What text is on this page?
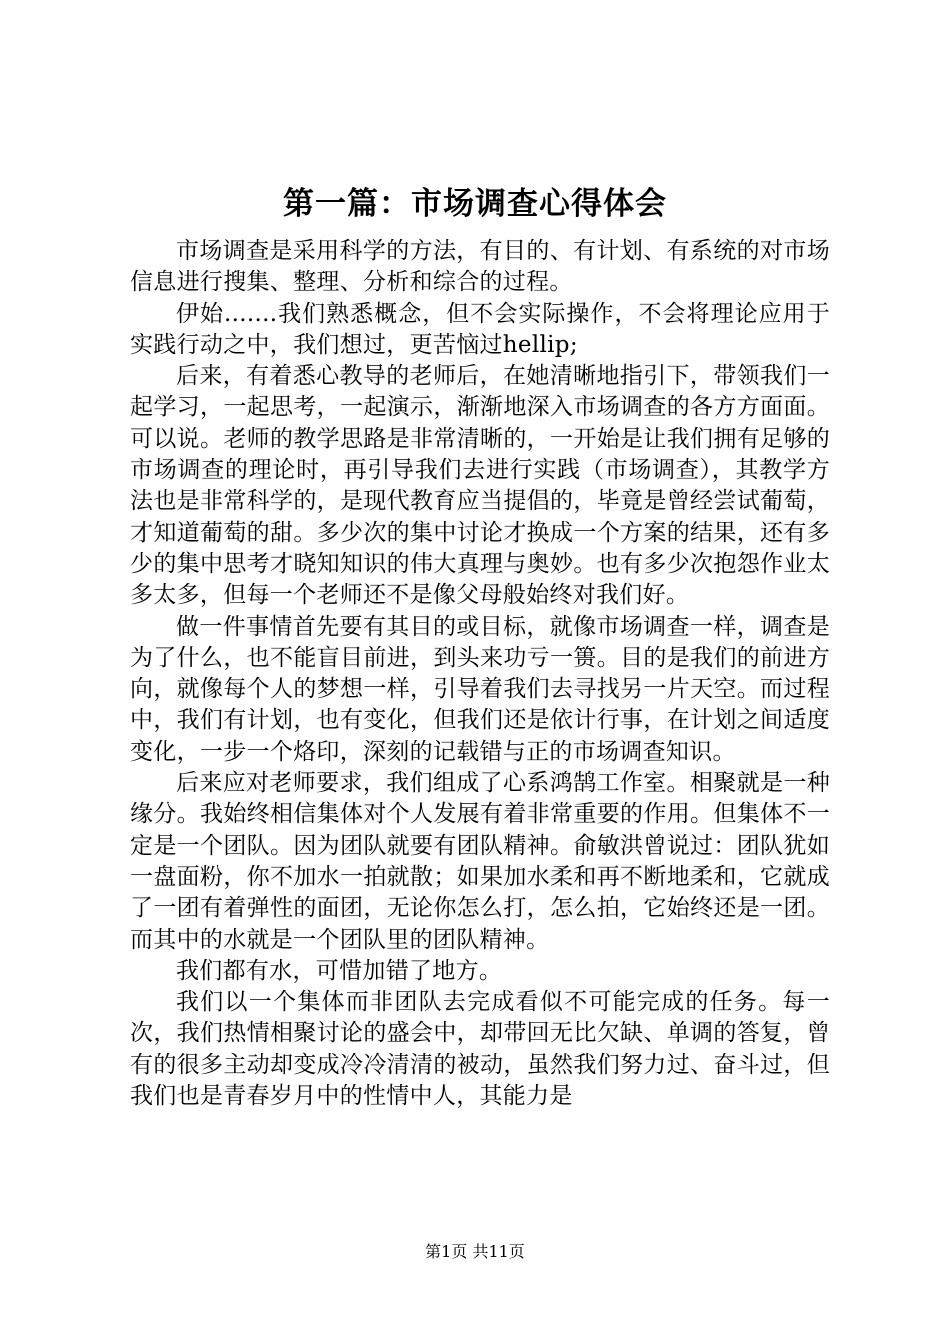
第一篇：市场调查心得体会

市场调查是采用科学的方法，有目的、有计划、有系统的对市场信息进行搜集、整理、分析和综合的过程。

伊始.......我们熟悉概念，但不会实际操作，不会将理论应用于实践行动之中，我们想过，更苦恼过hellip;

后来，有着悉心教导的老师后，在她清晰地指引下，带领我们一起学习，一起思考，一起演示，渐渐地深入市场调查的各方方面面。可以说。老师的教学思路是非常清晰的，一开始是让我们拥有足够的市场调查的理论时，再引导我们去进行实践（市场调查），其教学方法也是非常科学的，是现代教育应当提倡的，毕竟是曾经尝试葡萄，才知道葡萄的甜。多少次的集中讨论才换成一个方案的结果，还有多少的集中思考才晓知知识的伟大真理与奥妙。也有多少次抱怨作业太多太多，但每一个老师还不是像父母般始终对我们好。

做一件事情首先要有其目的或目标，就像市场调查一样，调查是为了什么，也不能盲目前进，到头来功亏一篑。目的是我们的前进方向，就像每个人的梦想一样，引导着我们去寻找另一片天空。而过程中，我们有计划，也有变化，但我们还是依计行事，在计划之间适度变化，一步一个烙印，深刻的记载错与正的市场调查知识。

后来应对老师要求，我们组成了心系鸿鹄工作室。相聚就是一种缘分。我始终相信集体对个人发展有着非常重要的作用。但集体不一定是一个团队。因为团队就要有团队精神。俞敏洪曾说过：团队犹如一盘面粉，你不加水一拍就散；如果加水柔和再不断地柔和，它就成了一团有着弹性的面团，无论你怎么打，怎么拍，它始终还是一团。而其中的水就是一个团队里的团队精神。

我们都有水，可惜加错了地方。

我们以一个集体而非团队去完成看似不可能完成的任务。每一次，我们热情相聚讨论的盛会中，却带回无比欠缺、单调的答复，曾有的很多主动却变成冷冷清清的被动，虽然我们努力过、奋斗过，但我们也是青春岁月中的性情中人，其能力是

第1页 共11页
